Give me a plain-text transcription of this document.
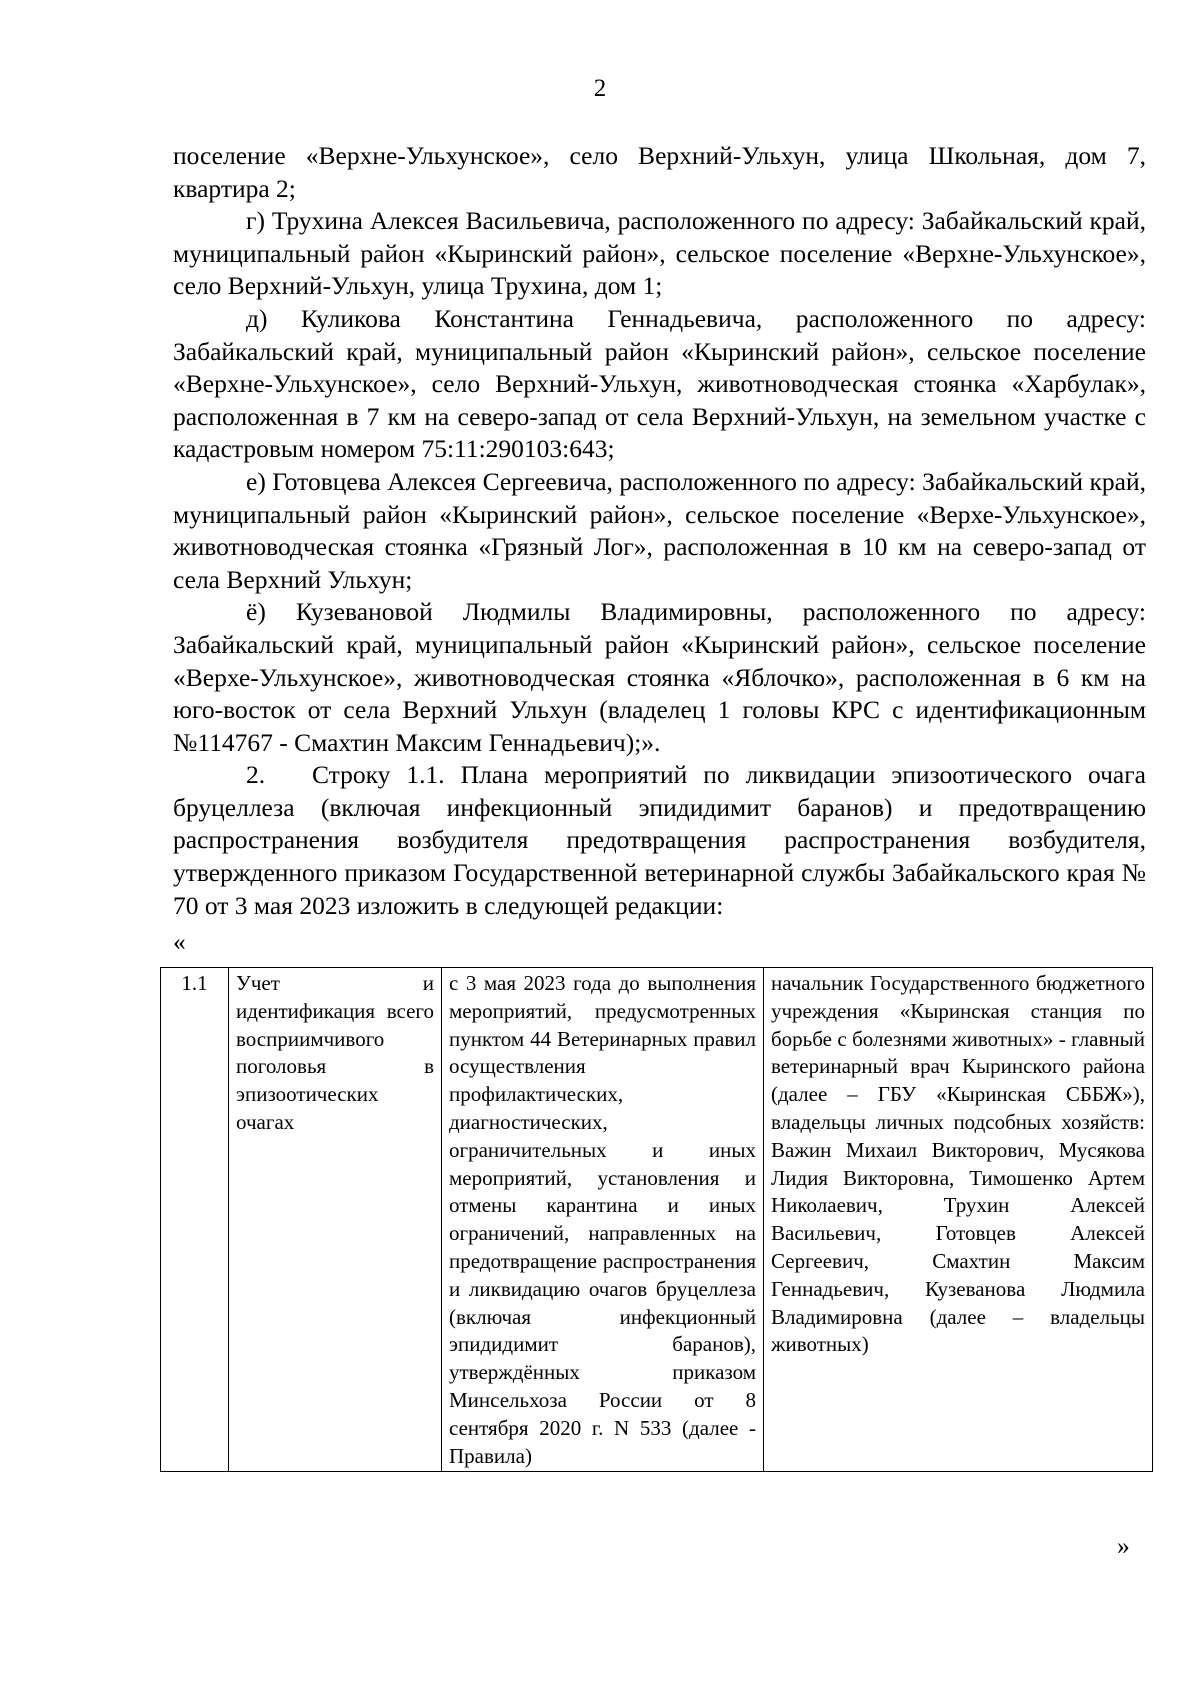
2

поселение «Верхне-Ульхунское», село Верхний-Ульхун, улица Школьная, дом 7, квартира 2;

г) Трухина Алексея Васильевича, расположенного по адресу: Забайкальский край, муниципальный район «Кыринский район», сельское поселение «Верхне-Ульхунское», село Верхний-Ульхун, улица Трухина, дом 1;

д) Куликова Константина Геннадьевича, расположенного по адресу: Забайкальский край, муниципальный район «Кыринский район», сельское поселение «Верхне-Ульхунское», село Верхний-Ульхун, животноводческая стоянка «Харбулак», расположенная в 7 км на северо-запад от села Верхний-Ульхун, на земельном участке с кадастровым номером 75:11:290103:643;

е) Готовцева Алексея Сергеевича, расположенного по адресу: Забайкальский край, муниципальный район «Кыринский район», сельское поселение «Верхе-Ульхунское», животноводческая стоянка «Грязный Лог», расположенная в 10 км на северо-запад от села Верхний Ульхун;

ё) Кузевановой Людмилы Владимировны, расположенного по адресу: Забайкальский край, муниципальный район «Кыринский район», сельское поселение «Верхе-Ульхунское», животноводческая стоянка «Яблочко», расположенная в 6 км на юго-восток от села Верхний Ульхун (владелец 1 головы КРС с идентификационным №114767 - Смахтин Максим Геннадьевич);».

2. Строку 1.1. Плана мероприятий по ликвидации эпизоотического очага бруцеллеза (включая инфекционный эпидидимит баранов) и предотвращению распространения возбудителя предотвращения распространения возбудителя, утвержденного приказом Государственной ветеринарной службы Забайкальского края № 70 от 3 мая 2023 изложить в следующей редакции:

«
1.1	Учет и идентификация всего восприимчивого поголовья в эпизоотических очагах	с 3 мая 2023 года до выполнения мероприятий, предусмотренных пунктом 44 Ветеринарных правил осуществления профилактических, диагностических, ограничительных и иных мероприятий, установления и отмены карантина и иных ограничений, направленных на предотвращение распространения и ликвидацию очагов бруцеллеза (включая инфекционный эпидидимит баранов), утверждённых приказом Минсельхоза России от 8 сентября 2020 г. N 533 (далее - Правила)	начальник Государственного бюджетного учреждения «Кыринская станция по борьбе с болезнями животных» - главный ветеринарный врач Кыринского района (далее – ГБУ «Кыринская СББЖ»), владельцы личных подсобных хозяйств: Важин Михаил Викторович, Мусякова Лидия Викторовна, Тимошенко Артем Николаевич, Трухин Алексей Васильевич, Готовцев Алексей Сергеевич, Смахтин Максим Геннадьевич, Кузеванова Людмила Владимировна (далее – владельцы животных)
»
